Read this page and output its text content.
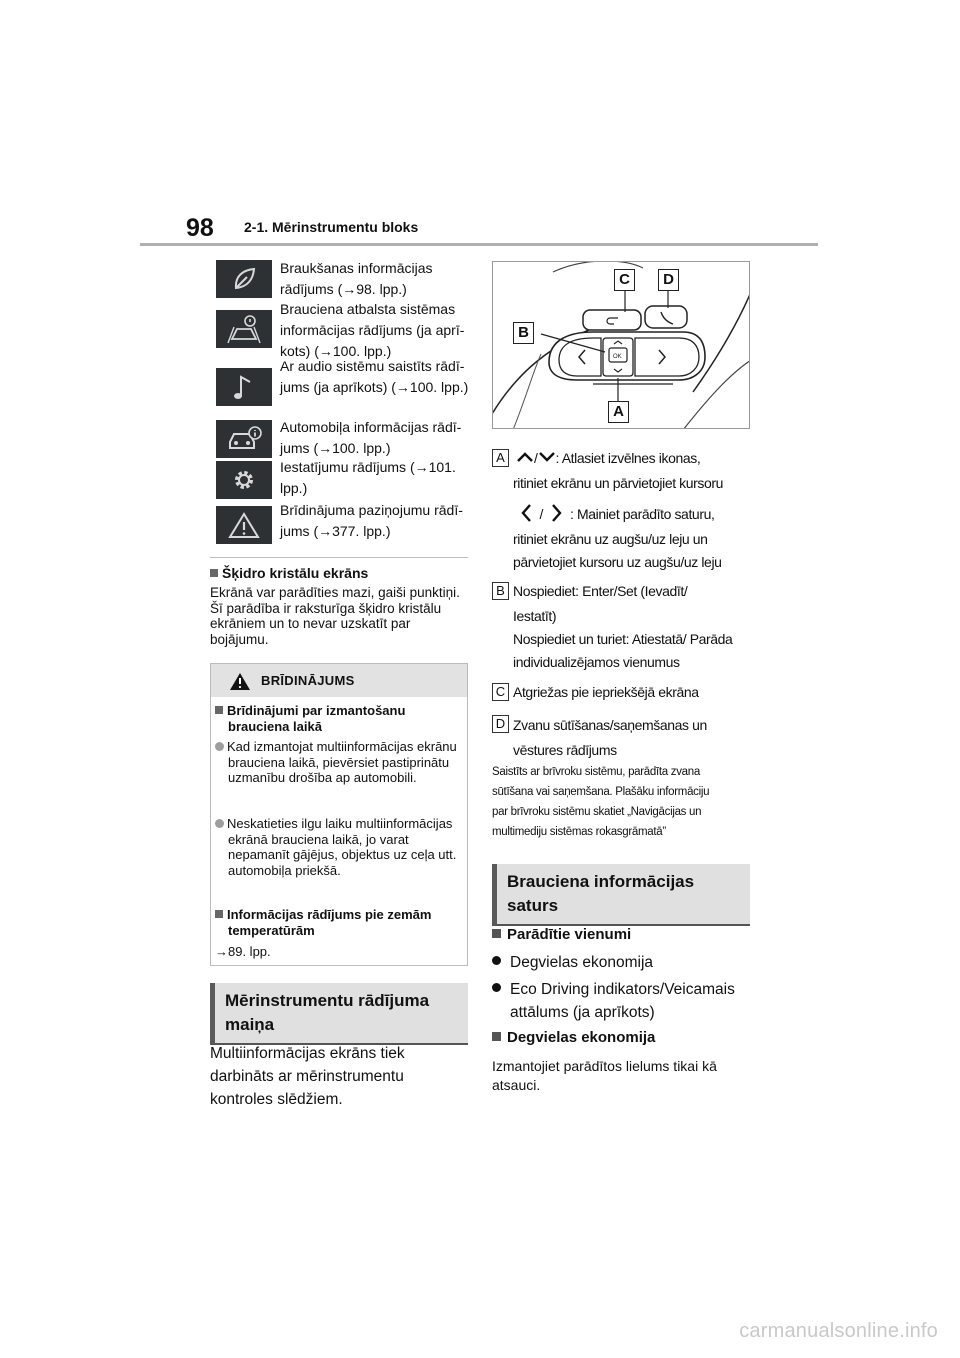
98 2-1. Mērinstrumentu bloks
Braukšanas informācijas rādījums (→98. lpp.)
Brauciena atbalsta sistēmas informācijas rādījums (ja aprī-kots) (→100. lpp.)
Ar audio sistēmu saistīts rādī-jums (ja aprīkots) (→100. lpp.)
Automobiļa informācijas rādī-jums (→100. lpp.)
Iestatījumu rādījums (→101. lpp.)
Brīdinājuma paziņojumu rādī-jums (→377. lpp.)
Šķidro kristālu ekrāns
Ekrānā var parādīties mazi, gaiši punktiņi. Šī parādība ir raksturīga šķidro kristālu ekrāniem un to nevar uzskatīt par bojājumu.
BRĪDINĀJUMS
Brīdinājumi par izmantošanu brauciena laikā
Kad izmantojat multiinformācijas ekrānu brauciena laikā, pievērsiet pastiprinātu uzmanību drošība ap automobili.
Neskatieties ilgu laiku multiinformācijas ekrānā brauciena laikā, jo varat nepamanīt gājējus, objektus uz ceļa utt. automobiļa priekšā.
Informācijas rādījums pie zemām temperatūrām
→89. lpp.
Mērinstrumentu rādījuma maiņa
Multiinformācijas ekrāns tiek darbināts ar mērinstrumentu kontroles slēdžiem.
OK
C	D
B
A
A	/ : Atlasiet izvēlnes ikonas,
ritiniet ekrānu un pārvietojiet kursoru
/ : Mainiet parādīto saturu,
ritiniet ekrānu uz augšu/uz leju un
pārvietojiet kursoru uz augšu/uz leju
B Nospiediet: Enter/Set (Ievadīt/
Iestatīt)
Nospiediet un turiet: Atiestatā/ Parāda
individualizējamos vienumus
C Atgriežas pie iepriekšējā ekrāna
D Zvanu sūtīšanas/saņemšanas un
vēstures rādījums
Saistīts ar brīvroku sistēmu, parādīta zvana
sūtīšana vai saņemšana. Plašāku informāciju
par brīvroku sistēmu skatiet „Navigācijas un
multimediju sistēmas rokasgrāmatā”
Brauciena informācijas saturs
Parādītie vienumi
Degvielas ekonomija
Eco Driving indikators/Veicamais attālums (ja aprīkots)
Degvielas ekonomija
Izmantojiet parādītos lielums tikai kā atsauci.
carmanualsonline.info
